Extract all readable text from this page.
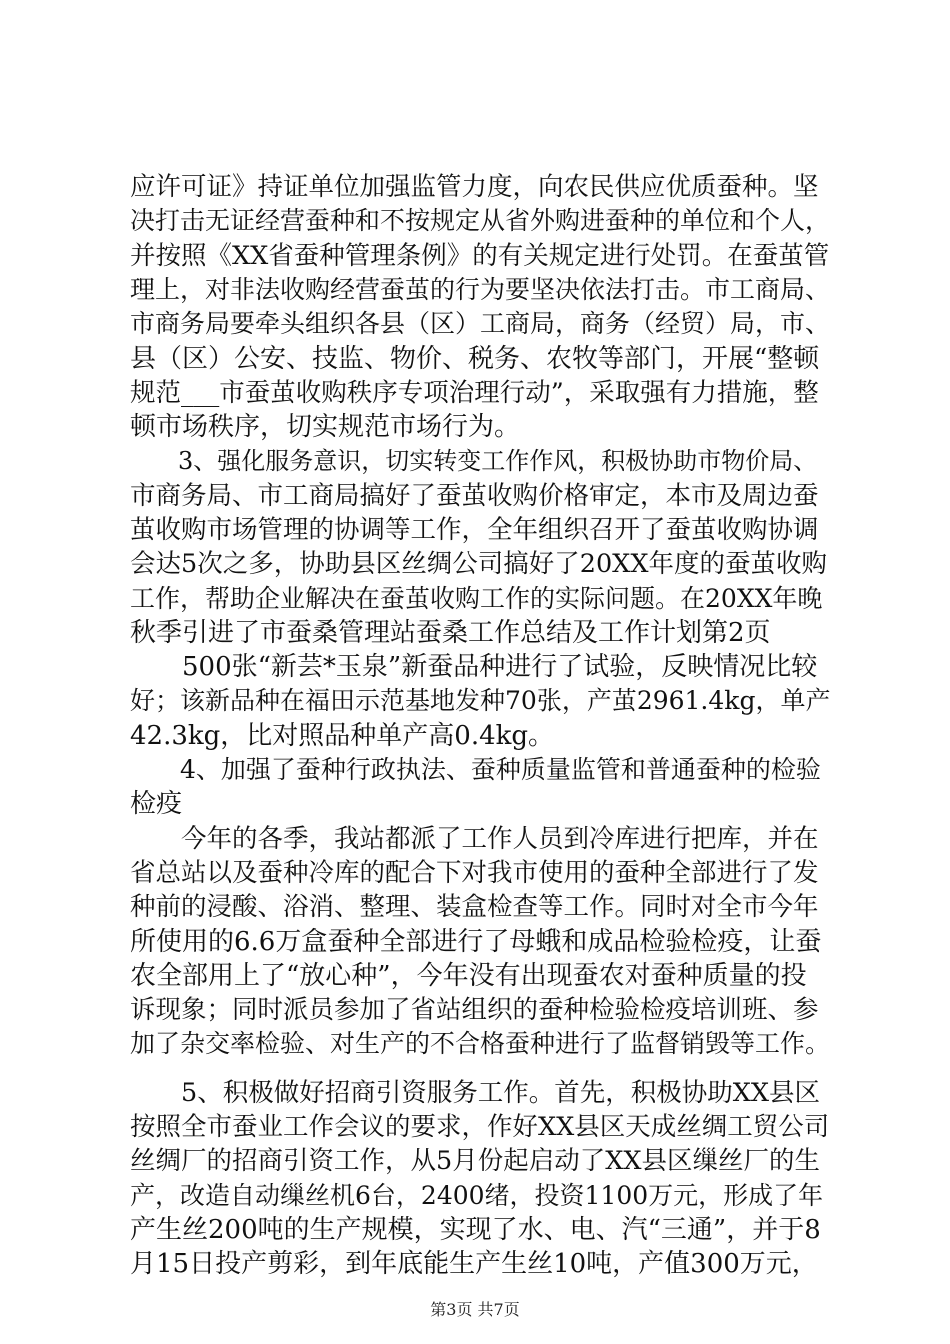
应许可证》持证单位加强监管力度，向农民供应优质蚕种。坚
决打击无证经营蚕种和不按规定从省外购进蚕种的单位和个人，
并按照《XX省蚕种管理条例》的有关规定进行处罚。在蚕茧管
理上，对非法收购经营蚕茧的行为要坚决依法打击。市工商局、
市商务局要牵头组织各县（区）工商局，商务（经贸）局，市、
县（区）公安、技监、物价、税务、农牧等部门，开展“整顿
规范___市蚕茧收购秩序专项治理行动”，采取强有力措施，整
顿市场秩序，切实规范市场行为。
　　3、强化服务意识，切实转变工作作风，积极协助市物价局、
市商务局、市工商局搞好了蚕茧收购价格审定，本市及周边蚕
茧收购市场管理的协调等工作，全年组织召开了蚕茧收购协调
会达5次之多，协助县区丝绸公司搞好了20XX年度的蚕茧收购
工作，帮助企业解决在蚕茧收购工作的实际问题。在20XX年晚
秋季引进了市蚕桑管理站蚕桑工作总结及工作计划第2页
　　500张“新芸*玉泉”新蚕品种进行了试验，反映情况比较
好；该新品种在福田示范基地发种70张，产茧2961.4kg，单产
42.3kg，比对照品种单产高0.4kg。
　　4、加强了蚕种行政执法、蚕种质量监管和普通蚕种的检验
检疫
　　今年的各季，我站都派了工作人员到冷库进行把库，并在
省总站以及蚕种冷库的配合下对我市使用的蚕种全部进行了发
种前的浸酸、浴消、整理、装盒检查等工作。同时对全市今年
所使用的6.6万盒蚕种全部进行了母蛾和成品检验检疫，让蚕
农全部用上了“放心种”，今年没有出现蚕农对蚕种质量的投
诉现象；同时派员参加了省站组织的蚕种检验检疫培训班、参
加了杂交率检验、对生产的不合格蚕种进行了监督销毁等工作。
　　5、积极做好招商引资服务工作。首先，积极协助XX县区
按照全市蚕业工作会议的要求，作好XX县区天成丝绸工贸公司
丝绸厂的招商引资工作，从5月份起启动了XX县区缫丝厂的生
产，改造自动缫丝机6台，2400绪，投资1100万元，形成了年
产生丝200吨的生产规模，实现了水、电、汽“三通”，并于8
月15日投产剪彩，到年底能生产生丝10吨，产值300万元，
第3页 共7页
